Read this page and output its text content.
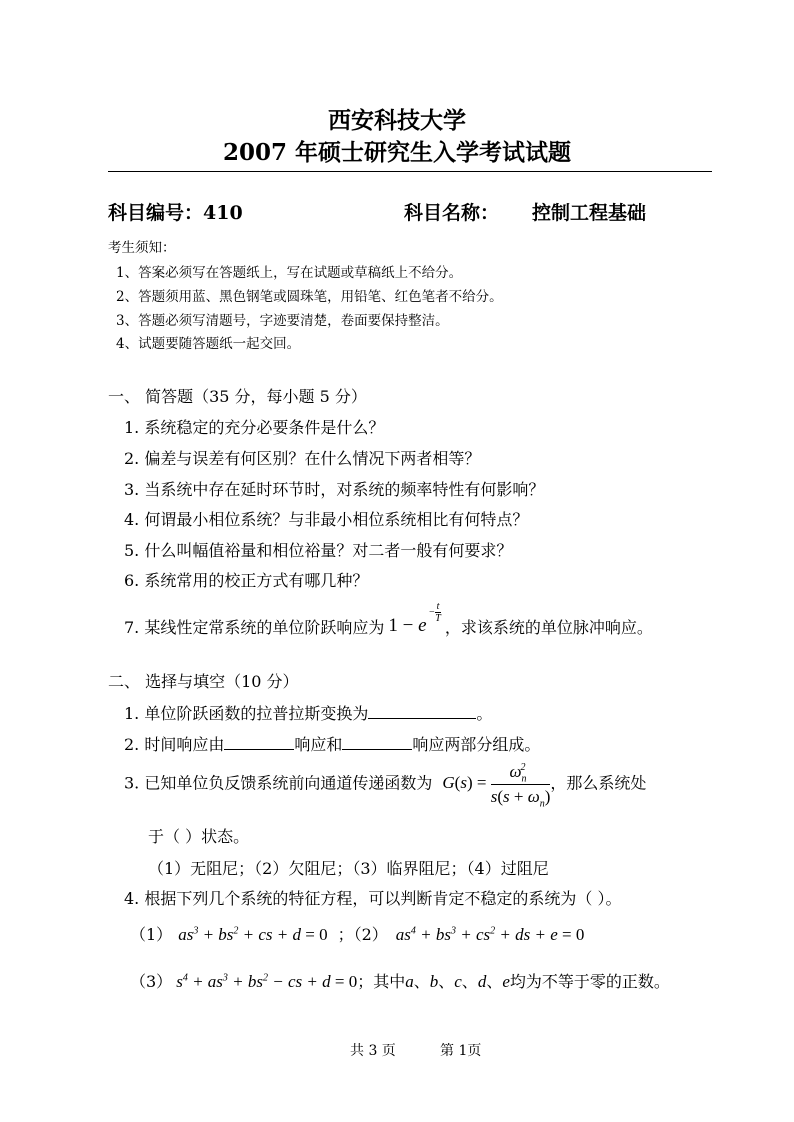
西安科技大学
2007 年硕士研究生入学考试试题
科目编号：410	科目名称： 控制工程基础
考生须知：
1、答案必须写在答题纸上，写在试题或草稿纸上不给分。
2、答题须用蓝、黑色钢笔或圆珠笔，用铅笔、红色笔者不给分。
3、答题必须写清题号，字迹要清楚，卷面要保持整洁。
4、试题要随答题纸一起交回。
一、 简答题（35 分，每小题 5 分）
1. 系统稳定的充分必要条件是什么？
2. 偏差与误差有何区别？在什么情况下两者相等？
3. 当系统中存在延时环节时，对系统的频率特性有何影响？
4. 何谓最小相位系统？与非最小相位系统相比有何特点？
5. 什么叫幅值裕量和相位裕量？对二者一般有何要求？
6. 系统常用的校正方式有哪几种？
7. 某线性定常系统的单位阶跃响应为 $1 - e^{- \frac{t}{T}}$
，求该系统的单位脉冲响应。
二、 选择与填空（10 分）
1. 单位阶跃函数的拉普拉斯变换为	。
2. 时间响应由	响应和	响应两部分组成。
3. 已知单位负反馈系统前向通道传递函数为 $G(s) = \frac{\omega_n^2}{s(s + \omega_n)}$ ，那么系统处
于（ ）状态。
（1）无阻尼；（2）欠阻尼；（3）临界阻尼；（4）过阻尼
4. 根据下列几个系统的特征方程，可以判断肯定不稳定的系统为（ ）。
（1） $as^3 + bs^2$ + cs + d = 0 ；（2） $as^4 + bs^3 + cs^2$ + ds + e = 0
（3） $s^4 + as^3 + bs^2$ − cs + d = 0；其中a、b、c、d、e均为不等于零的正数。
共 3 页	第 1页
